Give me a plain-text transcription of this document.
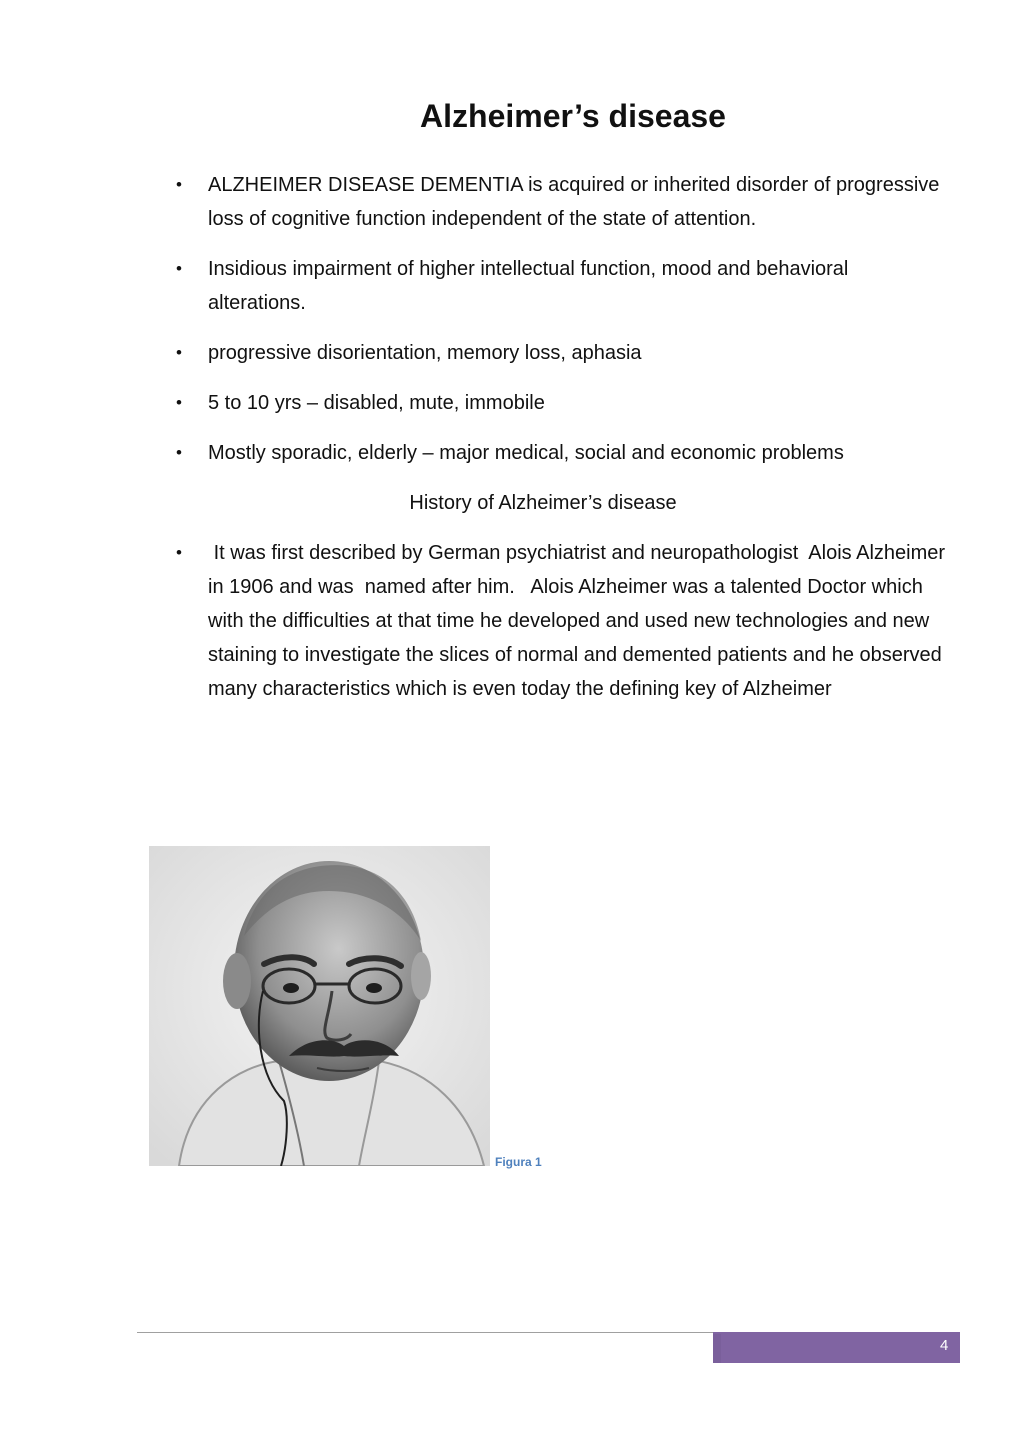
Alzheimer’s disease
•	ALZHEIMER DISEASE DEMENTIA is acquired or inherited disorder of progressive loss of cognitive function independent of the state of attention.
•	Insidious impairment of higher intellectual function, mood and behavioral alterations.
•	progressive disorientation, memory loss, aphasia
•	5 to 10 yrs – disabled, mute, immobile
•	Mostly sporadic, elderly – major medical, social and economic problems
History of Alzheimer’s disease
•	It was first described by German psychiatrist and neuropathologist  Alois Alzheimer in 1906 and was  named after him.   Alois Alzheimer was a talented Doctor which with the difficulties at that time he developed and used new technologies and new staining to investigate the slices of normal and demented patients and he observed many characteristics which is even today the defining key of Alzheimer
Figura 1
4
